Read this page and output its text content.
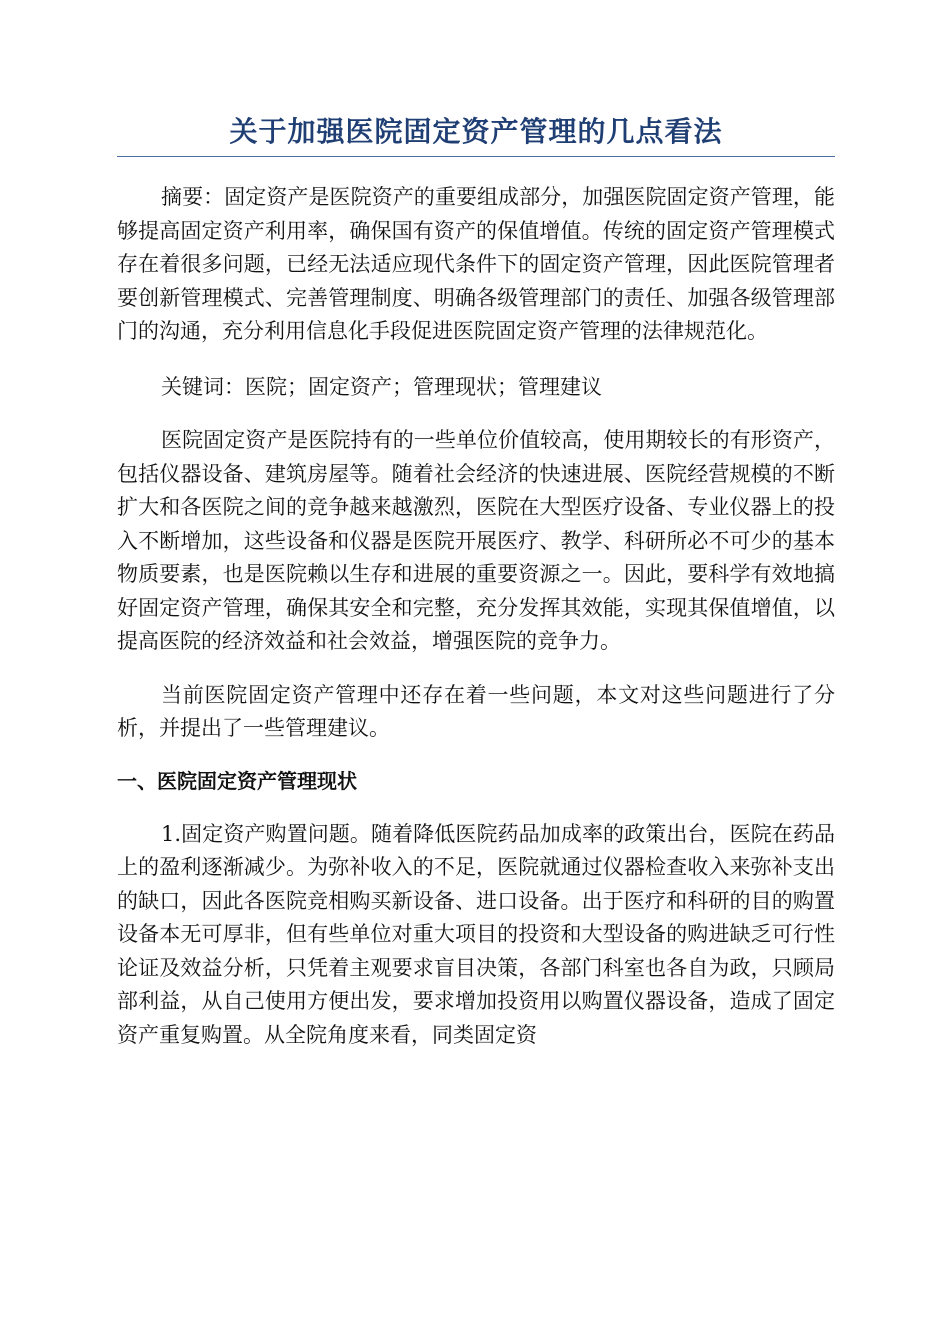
关于加强医院固定资产管理的几点看法

摘要：固定资产是医院资产的重要组成部分，加强医院固定资产管理，能够提高固定资产利用率，确保国有资产的保值增值。传统的固定资产管理模式存在着很多问题，已经无法适应现代条件下的固定资产管理，因此医院管理者要创新管理模式、完善管理制度、明确各级管理部门的责任、加强各级管理部门的沟通，充分利用信息化手段促进医院固定资产管理的法律规范化。

关键词：医院；固定资产；管理现状；管理建议

医院固定资产是医院持有的一些单位价值较高，使用期较长的有形资产，包括仪器设备、建筑房屋等。随着社会经济的快速进展、医院经营规模的不断扩大和各医院之间的竞争越来越激烈，医院在大型医疗设备、专业仪器上的投入不断增加，这些设备和仪器是医院开展医疗、教学、科研所必不可少的基本物质要素，也是医院赖以生存和进展的重要资源之一。因此，要科学有效地搞好固定资产管理，确保其安全和完整，充分发挥其效能，实现其保值增值，以提高医院的经济效益和社会效益，增强医院的竞争力。

当前医院固定资产管理中还存在着一些问题，本文对这些问题进行了分析，并提出了一些管理建议。

一、医院固定资产管理现状

1.固定资产购置问题。随着降低医院药品加成率的政策出台，医院在药品上的盈利逐渐减少。为弥补收入的不足，医院就通过仪器检查收入来弥补支出的缺口，因此各医院竞相购买新设备、进口设备。出于医疗和科研的目的购置设备本无可厚非，但有些单位对重大项目的投资和大型设备的购进缺乏可行性论证及效益分析，只凭着主观要求盲目决策，各部门科室也各自为政，只顾局部利益，从自己使用方便出发，要求增加投资用以购置仪器设备，造成了固定资产重复购置。从全院角度来看，同类固定资
